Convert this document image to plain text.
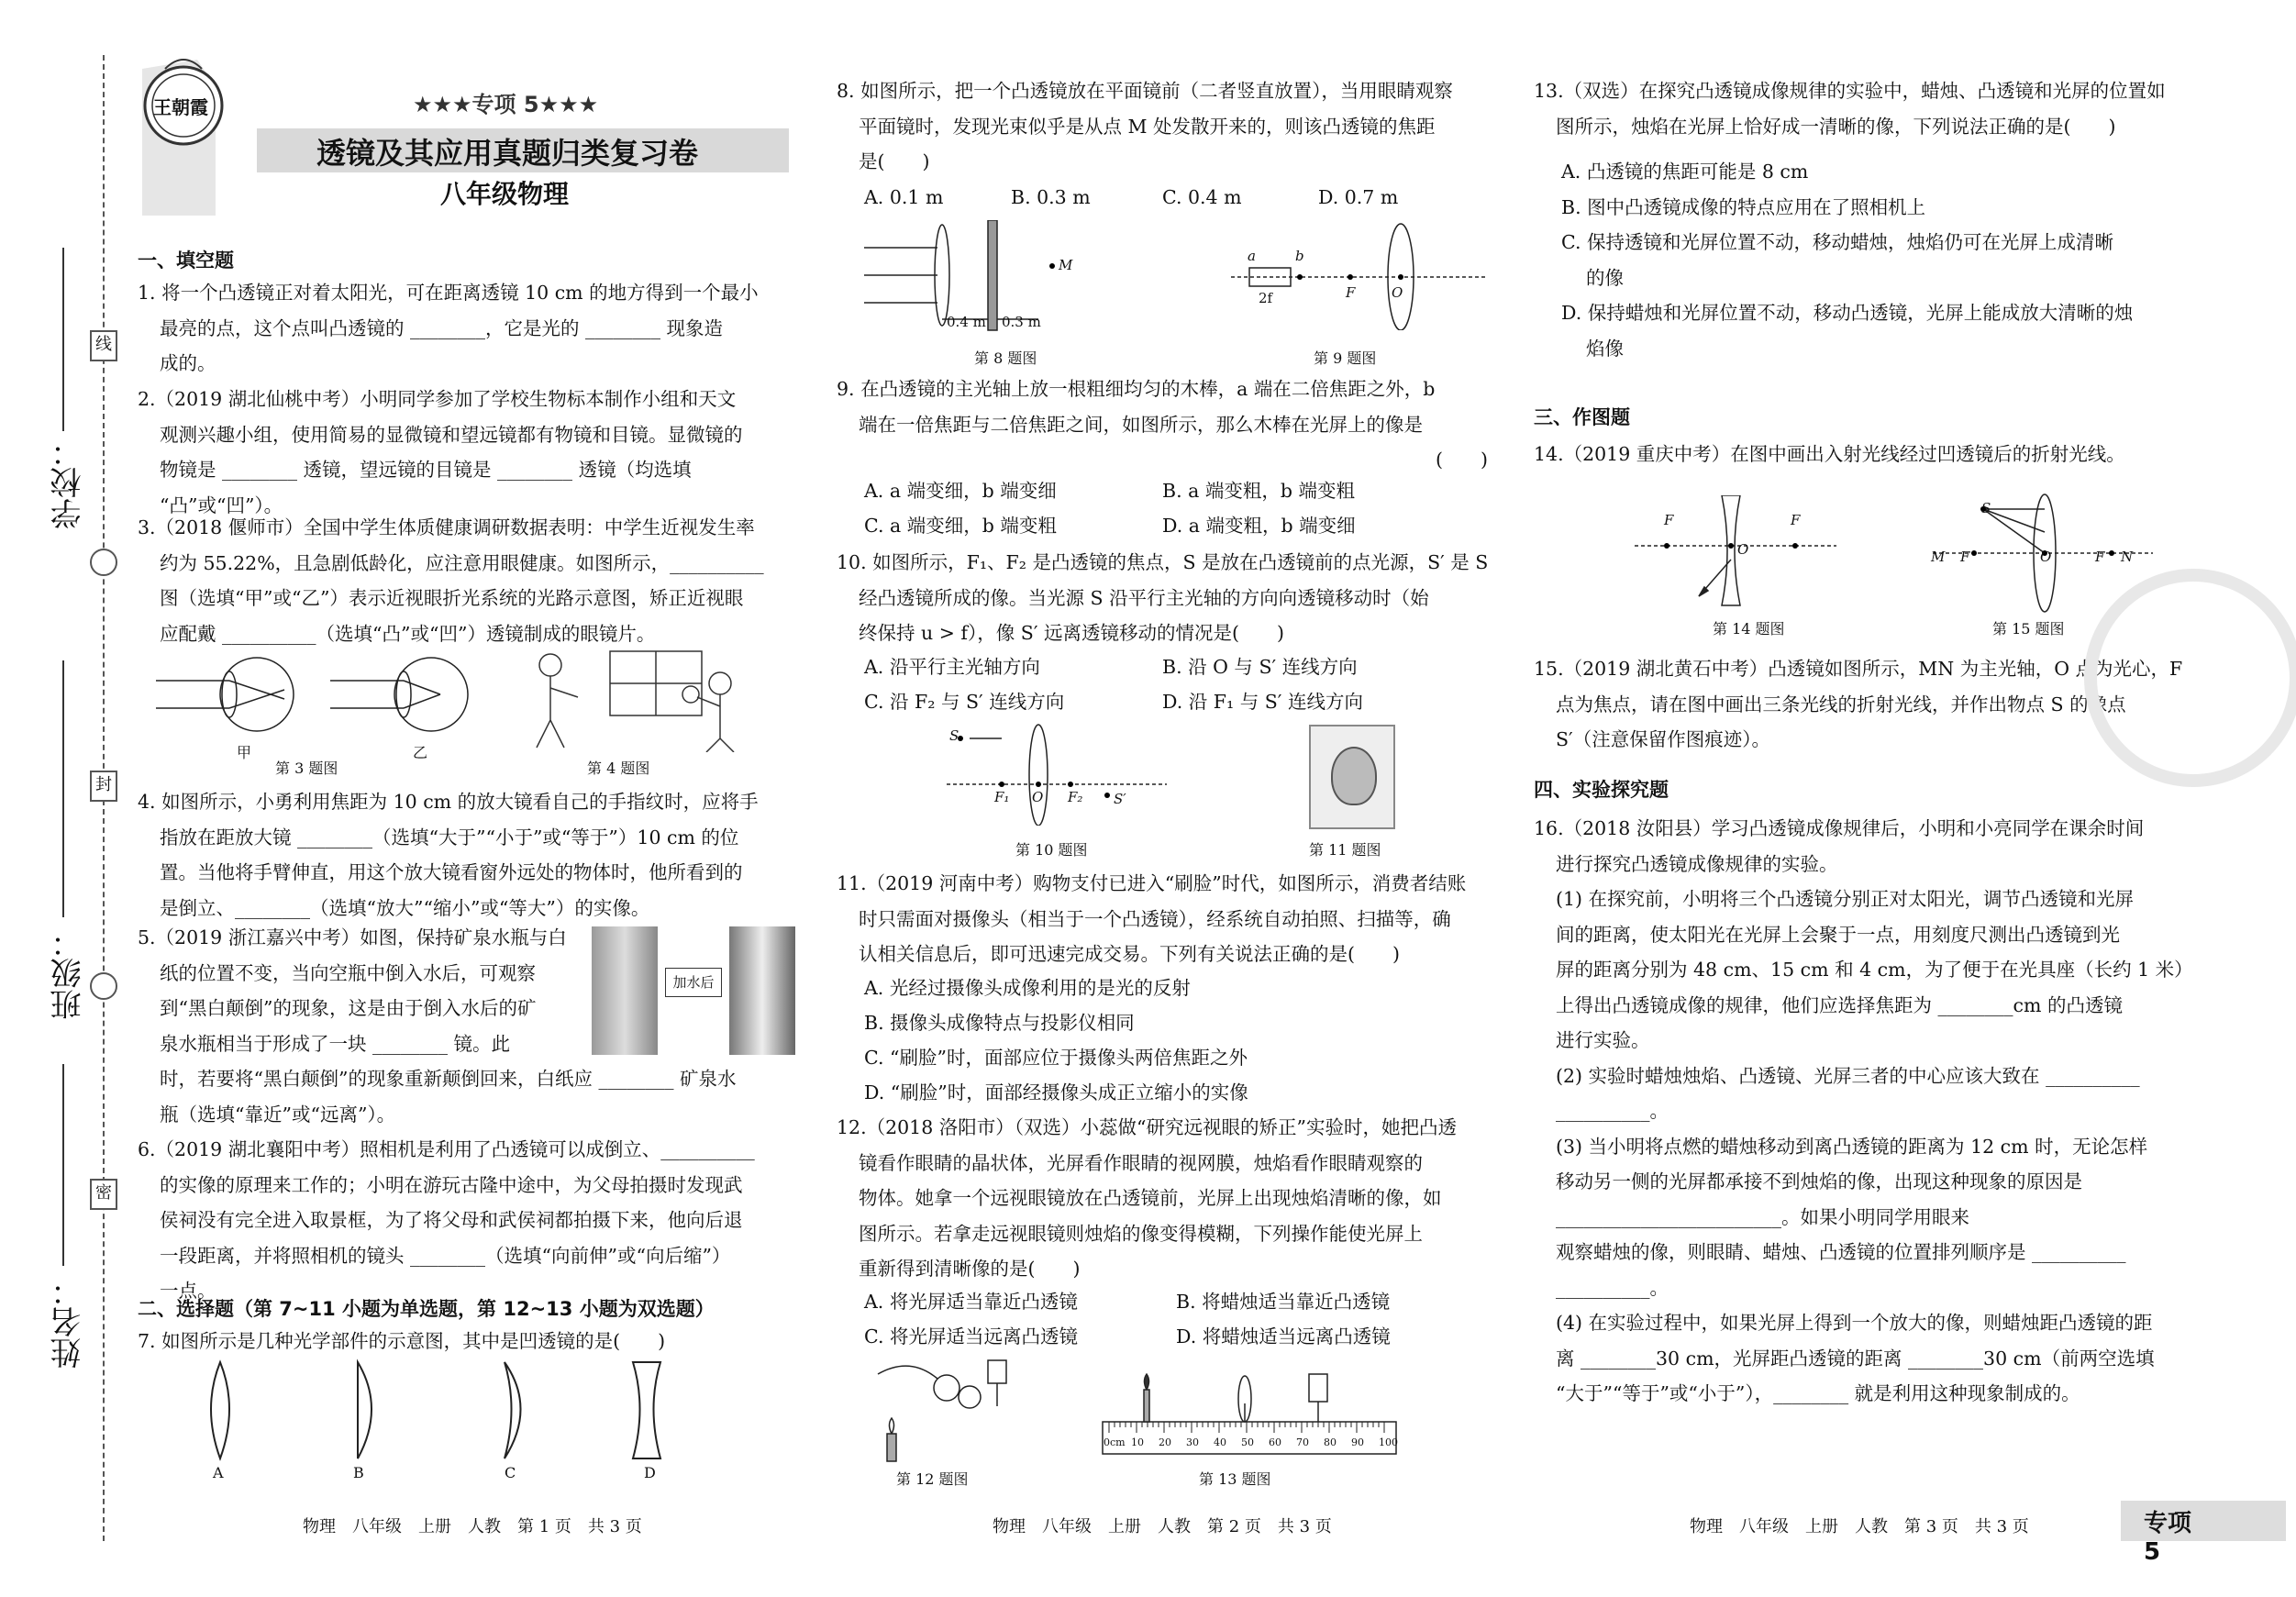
线
封
密
学校：
班级：
姓名：
王朝霞	★★★专项 5★★★
透镜及其应用真题归类复习卷
八年级物理

一、填空题

1. 将一个凸透镜正对着太阳光，可在距离透镜 10 cm 的地方得到一个最小

最亮的点，这个点叫凸透镜的 ________，它是光的 ________ 现象造

成的。

2.（2019 湖北仙桃中考）小明同学参加了学校生物标本制作小组和天文

观测兴趣小组，使用简易的显微镜和望远镜都有物镜和目镜。显微镜的

物镜是 ________ 透镜，望远镜的目镜是 ________ 透镜（均选填

“凸”或“凹”）。

3.（2018 偃师市）全国中学生体质健康调研数据表明：中学生近视发生率

约为 55.22%，且急剧低龄化，应注意用眼健康。如图所示，__________

图（选填“甲”或“乙”）表示近视眼折光系统的光路示意图，矫正近视眼

应配戴 __________（选填“凸”或“凹”）透镜制成的眼镜片。

甲	乙
第 3 题图	第 4 题图

4. 如图所示，小勇利用焦距为 10 cm 的放大镜看自己的手指纹时，应将手

指放在距放大镜 ________（选填“大于”“小于”或“等于”）10 cm 的位

置。当他将手臂伸直，用这个放大镜看窗外远处的物体时，他所看到的

是倒立、________（选填“放大”“缩小”或“等大”）的实像。

5.（2019 浙江嘉兴中考）如图，保持矿泉水瓶与白

纸的位置不变，当向空瓶中倒入水后，可观察

到“黑白颠倒”的现象，这是由于倒入水后的矿

泉水瓶相当于形成了一块 ________ 镜。此

时，若要将“黑白颠倒”的现象重新颠倒回来，白纸应 ________ 矿泉水

瓶（选填“靠近”或“远离”）。

加水后

6.（2019 湖北襄阳中考）照相机是利用了凸透镜可以成倒立、__________

的实像的原理来工作的；小明在游玩古隆中途中，为父母拍摄时发现武

侯祠没有完全进入取景框，为了将父母和武侯祠都拍摄下来，他向后退

一段距离，并将照相机的镜头 ________（选填“向前伸”或“向后缩”）

一点。

二、选择题（第 7~11 小题为单选题，第 12~13 小题为双选题）

7. 如图所示是几种光学部件的示意图，其中是凹透镜的是(　　)

A	B	C	D
物理　八年级　上册　人教　第 1 页　共 3 页

8. 如图所示，把一个凸透镜放在平面镜前（二者竖直放置），当用眼睛观察

平面镜时，发现光束似乎是从点 M 处发散开来的，则该凸透镜的焦距

是(　　)

A. 0.1 m	B. 0.3 m	C. 0.4 m	D. 0.7 m
0.4 m 0.3 m
M
第 8 题图
a	b
2f	F	O
第 9 题图

9. 在凸透镜的主光轴上放一根粗细均匀的木棒，a 端在二倍焦距之外，b

端在一倍焦距与二倍焦距之间，如图所示，那么木棒在光屏上的像是

(　　)

A. a 端变细，b 端变细	B. a 端变粗，b 端变粗
C. a 端变细，b 端变粗	D. a 端变粗，b 端变细

10. 如图所示，F₁、F₂ 是凸透镜的焦点，S 是放在凸透镜前的点光源，S′ 是 S

经凸透镜所成的像。当光源 S 沿平行主光轴的方向向透镜移动时（始

终保持 u > f），像 S′ 远离透镜移动的情况是(　　)

A. 沿平行主光轴方向	B. 沿 O 与 S′ 连线方向
C. 沿 F₂ 与 S′ 连线方向	D. 沿 F₁ 与 S′ 连线方向
S
F₁ O F₂ S′
第 10 题图	第 11 题图

11.（2019 河南中考）购物支付已进入“刷脸”时代，如图所示，消费者结账

时只需面对摄像头（相当于一个凸透镜），经系统自动拍照、扫描等，确

认相关信息后，即可迅速完成交易。下列有关说法正确的是(　　)

A. 光经过摄像头成像利用的是光的反射
B. 摄像头成像特点与投影仪相同
C. “刷脸”时，面部应位于摄像头两倍焦距之外
D. “刷脸”时，面部经摄像头成正立缩小的实像

12.（2018 洛阳市）（双选）小蕊做“研究远视眼的矫正”实验时，她把凸透

镜看作眼睛的晶状体，光屏看作眼睛的视网膜，烛焰看作眼睛观察的

物体。她拿一个远视眼镜放在凸透镜前，光屏上出现烛焰清晰的像，如

图所示。若拿走远视眼镜则烛焰的像变得模糊，下列操作能使光屏上

重新得到清晰像的是(　　)

A. 将光屏适当靠近凸透镜	B. 将蜡烛适当靠近凸透镜
C. 将光屏适当远离凸透镜	D. 将蜡烛适当远离凸透镜
第 12 题图
0cm 10 20 30 40 50 60 70 80 90 100
第 13 题图
物理　八年级　上册　人教　第 2 页　共 3 页

13.（双选）在探究凸透镜成像规律的实验中，蜡烛、凸透镜和光屏的位置如

图所示，烛焰在光屏上恰好成一清晰的像，下列说法正确的是(　　)

A. 凸透镜的焦距可能是 8 cm

B. 图中凸透镜成像的特点应用在了照相机上

C. 保持透镜和光屏位置不动，移动蜡烛，烛焰仍可在光屏上成清晰

　 的像

D. 保持蜡烛和光屏位置不动，移动凸透镜，光屏上能成放大清晰的烛

　 焰像

三、作图题

14.（2019 重庆中考）在图中画出入射光线经过凹透镜后的折射光线。

F
O
F
第 14 题图
S
M F	O	F N
第 15 题图

15.（2019 湖北黄石中考）凸透镜如图所示，MN 为主光轴，O 点为光心，F

点为焦点，请在图中画出三条光线的折射光线，并作出物点 S 的像点

S′（注意保留作图痕迹）。

四、实验探究题

16.（2018 汝阳县）学习凸透镜成像规律后，小明和小亮同学在课余时间

进行探究凸透镜成像规律的实验。

(1) 在探究前，小明将三个凸透镜分别正对太阳光，调节凸透镜和光屏

间的距离，使太阳光在光屏上会聚于一点，用刻度尺测出凸透镜到光

屏的距离分别为 48 cm、15 cm 和 4 cm，为了便于在光具座（长约 1 米）

上得出凸透镜成像的规律，他们应选择焦距为 ________cm 的凸透镜

进行实验。

(2) 实验时蜡烛烛焰、凸透镜、光屏三者的中心应该大致在 __________

__________。

(3) 当小明将点燃的蜡烛移动到离凸透镜的距离为 12 cm 时，无论怎样

移动另一侧的光屏都承接不到烛焰的像，出现这种现象的原因是

________________________。如果小明同学用眼来

观察蜡烛的像，则眼睛、蜡烛、凸透镜的位置排列顺序是 __________

__________。

(4) 在实验过程中，如果光屏上得到一个放大的像，则蜡烛距凸透镜的距

离 ________30 cm，光屏距凸透镜的距离 ________30 cm（前两空选填

“大于”“等于”或“小于”），________ 就是利用这种现象制成的。

物理　八年级　上册　人教　第 3 页　共 3 页	专项 5
